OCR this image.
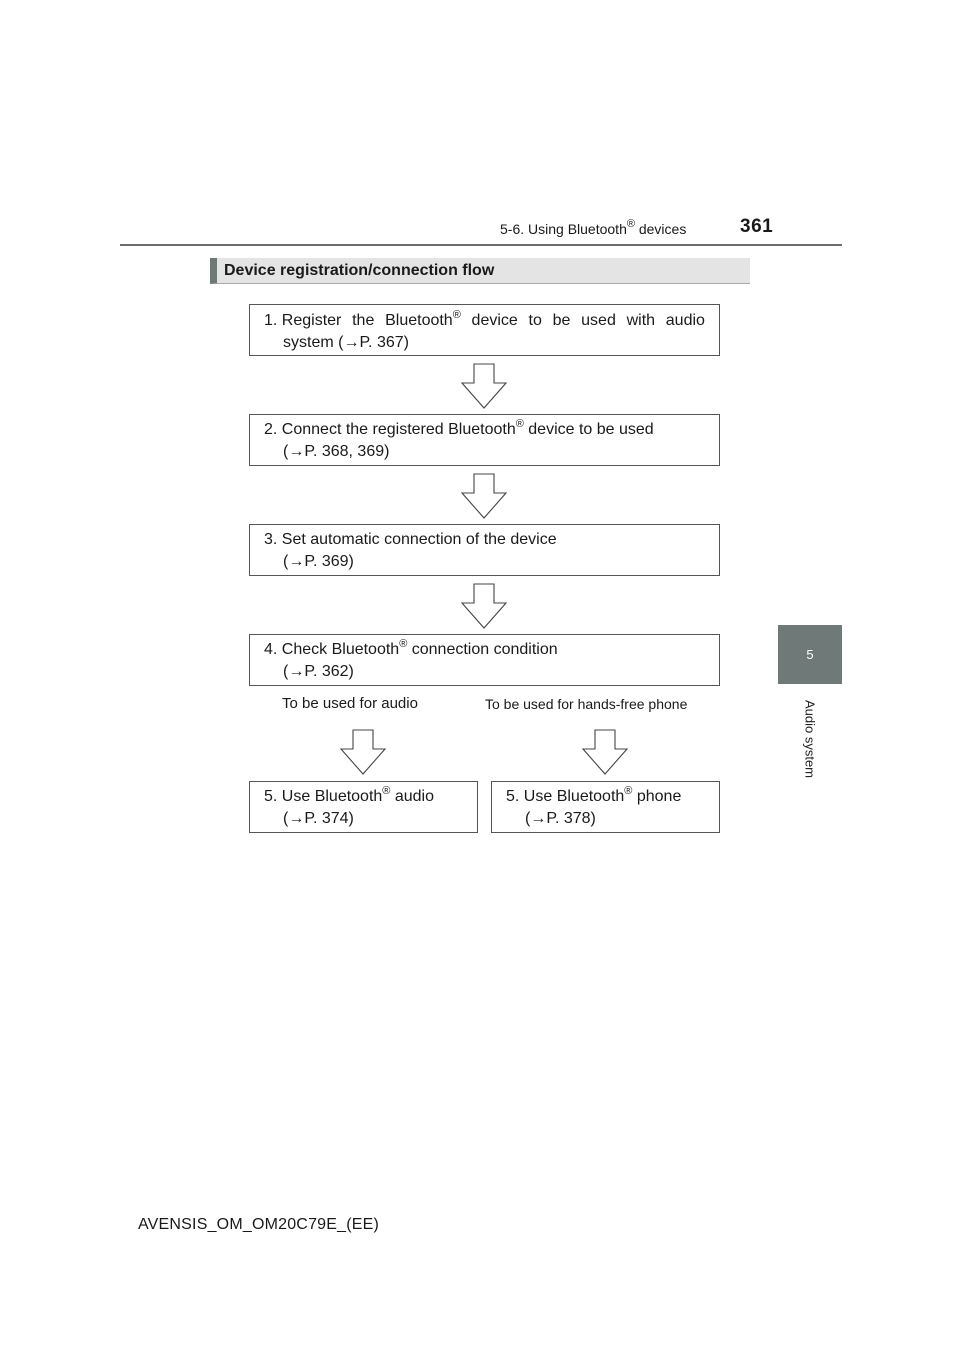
5-6. Using Bluetooth® devices	361
5
Audio system
Device registration/connection flow
1. Register the Bluetooth® device to be used with audio
system (→P. 367)
2. Connect the registered Bluetooth® device to be used
(→P. 368, 369)
3. Set automatic connection of the device
(→P. 369)
4. Check Bluetooth® connection condition
(→P. 362)
To be used for audio	To be used for hands-free phone
5. Use Bluetooth® audio
(→P. 374)
5. Use Bluetooth® phone
(→P. 378)
AVENSIS_OM_OM20C79E_(EE)
